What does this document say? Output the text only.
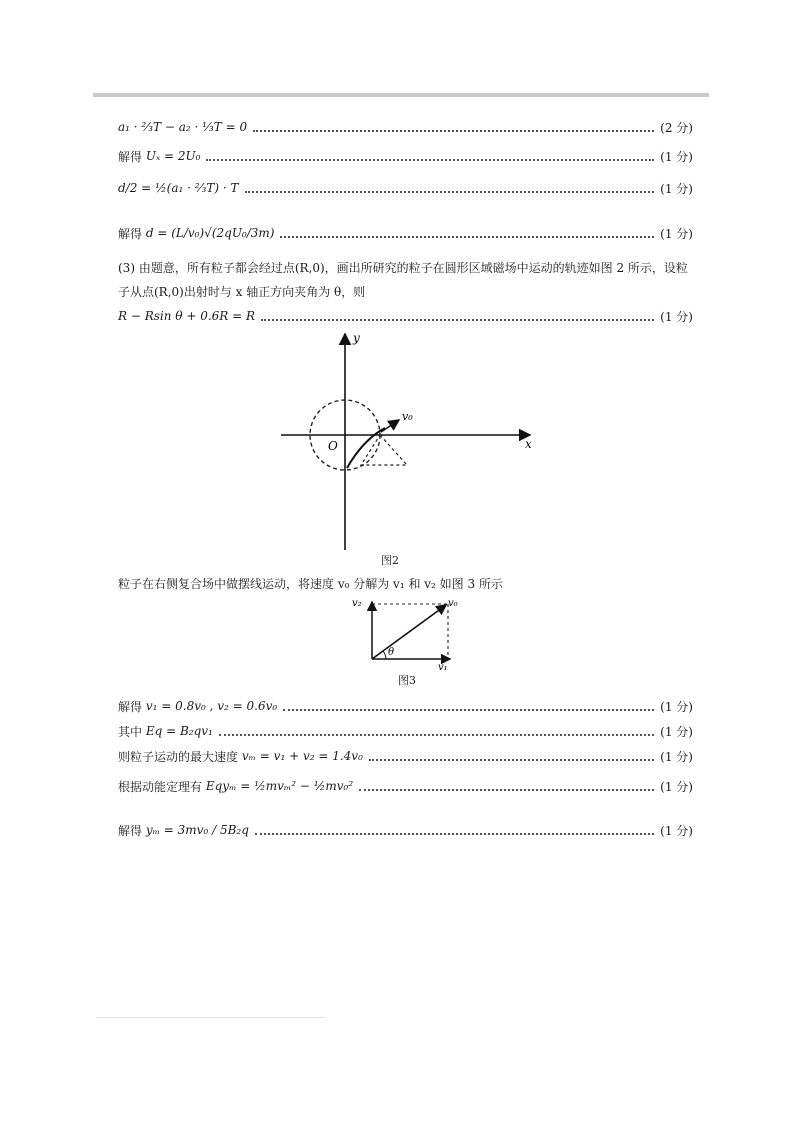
a₁ · ⅔T − a₂ · ⅓T = 0	(2 分)
解得
Uₓ = 2U₀	(1 分)
d/2 = ½(a₁ · ⅔T) · T	(1 分)
解得
d = (L/v₀)√(2qU₀/3m)	(1 分)
(3) 由题意，所有粒子都会经过点(R,0)，画出所研究的粒子在圆形区域磁场中运动的轨迹如图 2 所示，设粒子从点(R,0)出射时与 x 轴正方向夹角为 θ，则
R − Rsin θ + 0.6R = R	(1 分)
y
x
O
v₀
图2
粒子在右侧复合场中做摆线运动，将速度 v₀ 分解为 v₁ 和 v₂ 如图 3 所示
v₂	v₀
v₁
θ
图3
解得
v₁ = 0.8v₀ , v₂ = 0.6v₀	(1 分)
其中
Eq = B₂qv₁	(1 分)
则粒子运动的最大速度
vₘ = v₁ + v₂ = 1.4v₀	(1 分)
根据动能定理有
Eqyₘ = ½mvₘ² − ½mv₀²	(1 分)
解得
yₘ = 3mv₀ / 5B₂q	(1 分)
